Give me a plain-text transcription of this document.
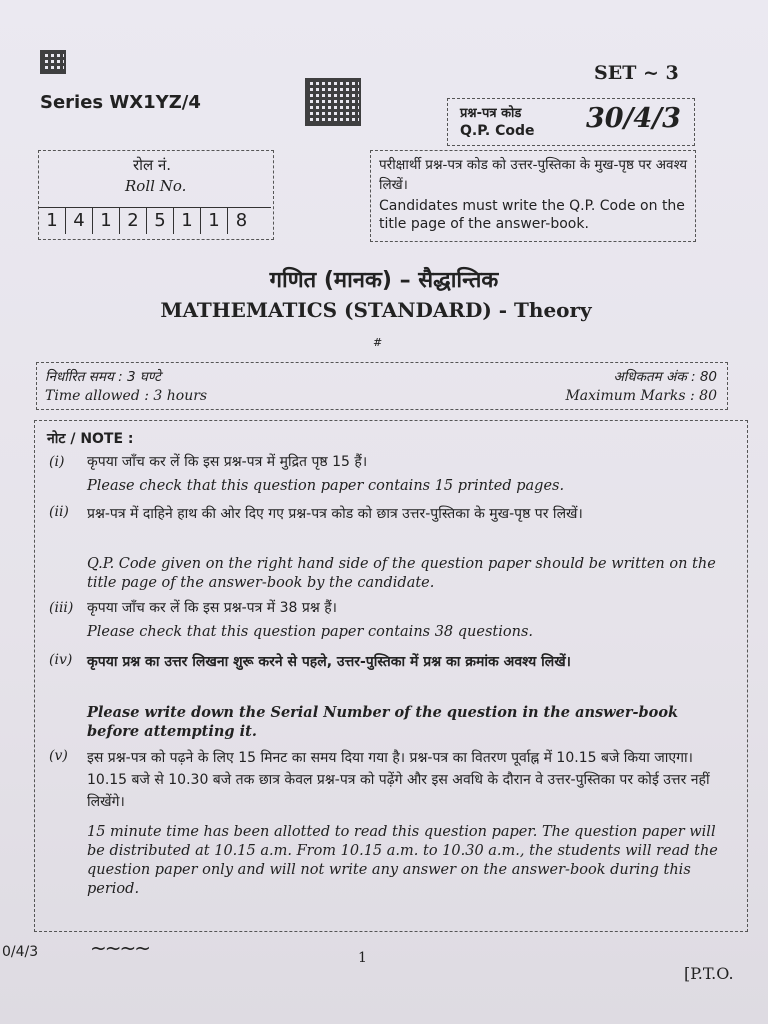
Series WX1YZ/4
SET ~ 3
प्रश्न-पत्र कोड
Q.P. Code 30/4/3
रोल नं.
Roll No.
1 4 1 2 5 1 1 8
परीक्षार्थी प्रश्न-पत्र कोड को उत्तर-पुस्तिका के मुख-पृष्ठ पर अवश्य लिखें।
Candidates must write the Q.P. Code on the title page of the answer-book.
गणित (मानक) – सैद्धान्तिक
MATHEMATICS (STANDARD) - Theory
#
निर्धारित समय : 3 घण्टे
Time allowed : 3 hours
अधिकतम अंक : 80
Maximum Marks : 80
नोट / NOTE :
(i) कृपया जाँच कर लें कि इस प्रश्न-पत्र में मुद्रित पृष्ठ 15 हैं।
Please check that this question paper contains 15 printed pages.
(ii) प्रश्न-पत्र में दाहिने हाथ की ओर दिए गए प्रश्न-पत्र कोड को छात्र उत्तर-पुस्तिका के मुख-पृष्ठ पर लिखें।
Q.P. Code given on the right hand side of the question paper should be written on the title page of the answer-book by the candidate.
(iii) कृपया जाँच कर लें कि इस प्रश्न-पत्र में 38 प्रश्न हैं।
Please check that this question paper contains 38 questions.
(iv) कृपया प्रश्न का उत्तर लिखना शुरू करने से पहले, उत्तर-पुस्तिका में प्रश्न का क्रमांक अवश्य लिखें।
Please write down the Serial Number of the question in the answer-book before attempting it.
(v) इस प्रश्न-पत्र को पढ़ने के लिए 15 मिनट का समय दिया गया है। प्रश्न-पत्र का वितरण पूर्वाह्न में 10.15 बजे किया जाएगा। 10.15 बजे से 10.30 बजे तक छात्र केवल प्रश्न-पत्र को पढ़ेंगे और इस अवधि के दौरान वे उत्तर-पुस्तिका पर कोई उत्तर नहीं लिखेंगे।
15 minute time has been allotted to read this question paper. The question paper will be distributed at 10.15 a.m. From 10.15 a.m. to 10.30 a.m., the students will read the question paper only and will not write any answer on the answer-book during this period.
0/4/3	~~~~	1
[P.T.O.
